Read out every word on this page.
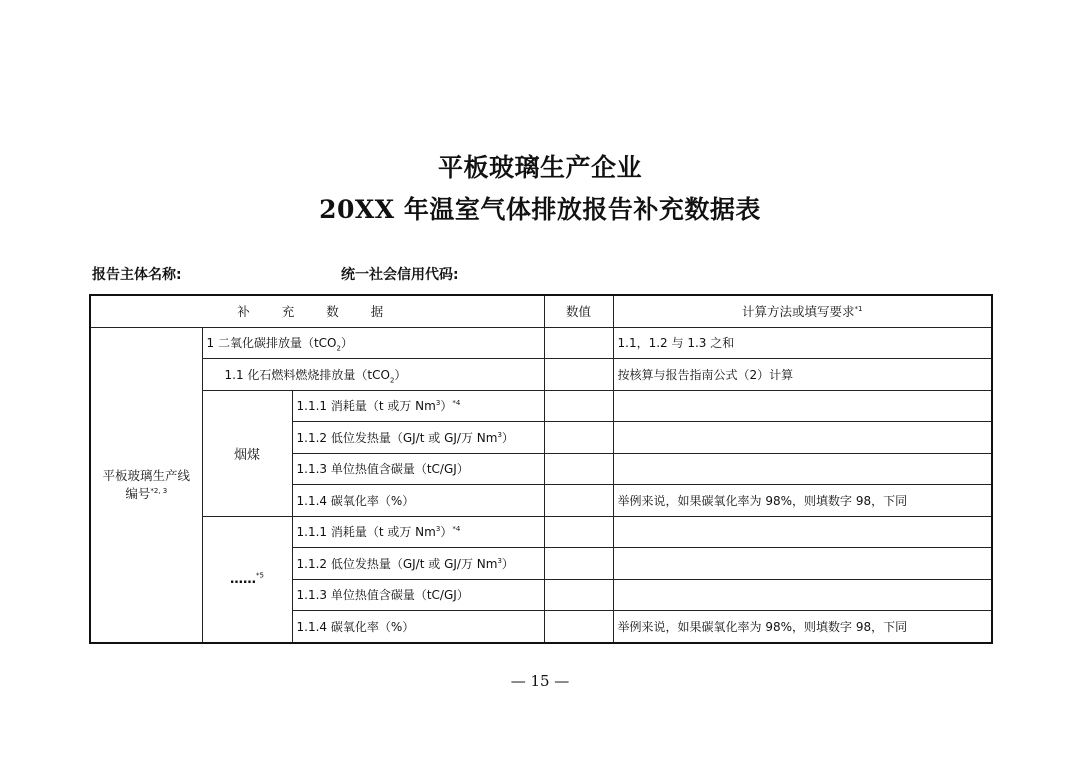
平板玻璃生产企业
20XX 年温室气体排放报告补充数据表
报告主体名称:	统一社会信用代码:
补 充 数 据			数值	计算方法或填写要求$^{*1}$
平板玻璃生产线
编号$^{*2, 3}$	1 二氧化碳排放量（tCO$_2$）			1.1，1.2 与 1.3 之和
	1.1 化石燃料燃烧排放量（tCO$_2$）			按核算与报告指南公式（2）计算
	烟煤	1.1.1 消耗量（t 或万 Nm$^3$）$^{*4}$		
		1.1.2 低位发热量（GJ/t 或 GJ/万 Nm$^3$）		
		1.1.3 单位热值含碳量（tC/GJ）		
		1.1.4 碳氧化率（%）		举例来说，如果碳氧化率为 98%，则填数字 98，下同
	……$^{*5}$	1.1.1 消耗量（t 或万 Nm$^3$）$^{*4}$		
		1.1.2 低位发热量（GJ/t 或 GJ/万 Nm$^3$）		
		1.1.3 单位热值含碳量（tC/GJ）		
		1.1.4 碳氧化率（%）		举例来说，如果碳氧化率为 98%，则填数字 98，下同
— 15 —
